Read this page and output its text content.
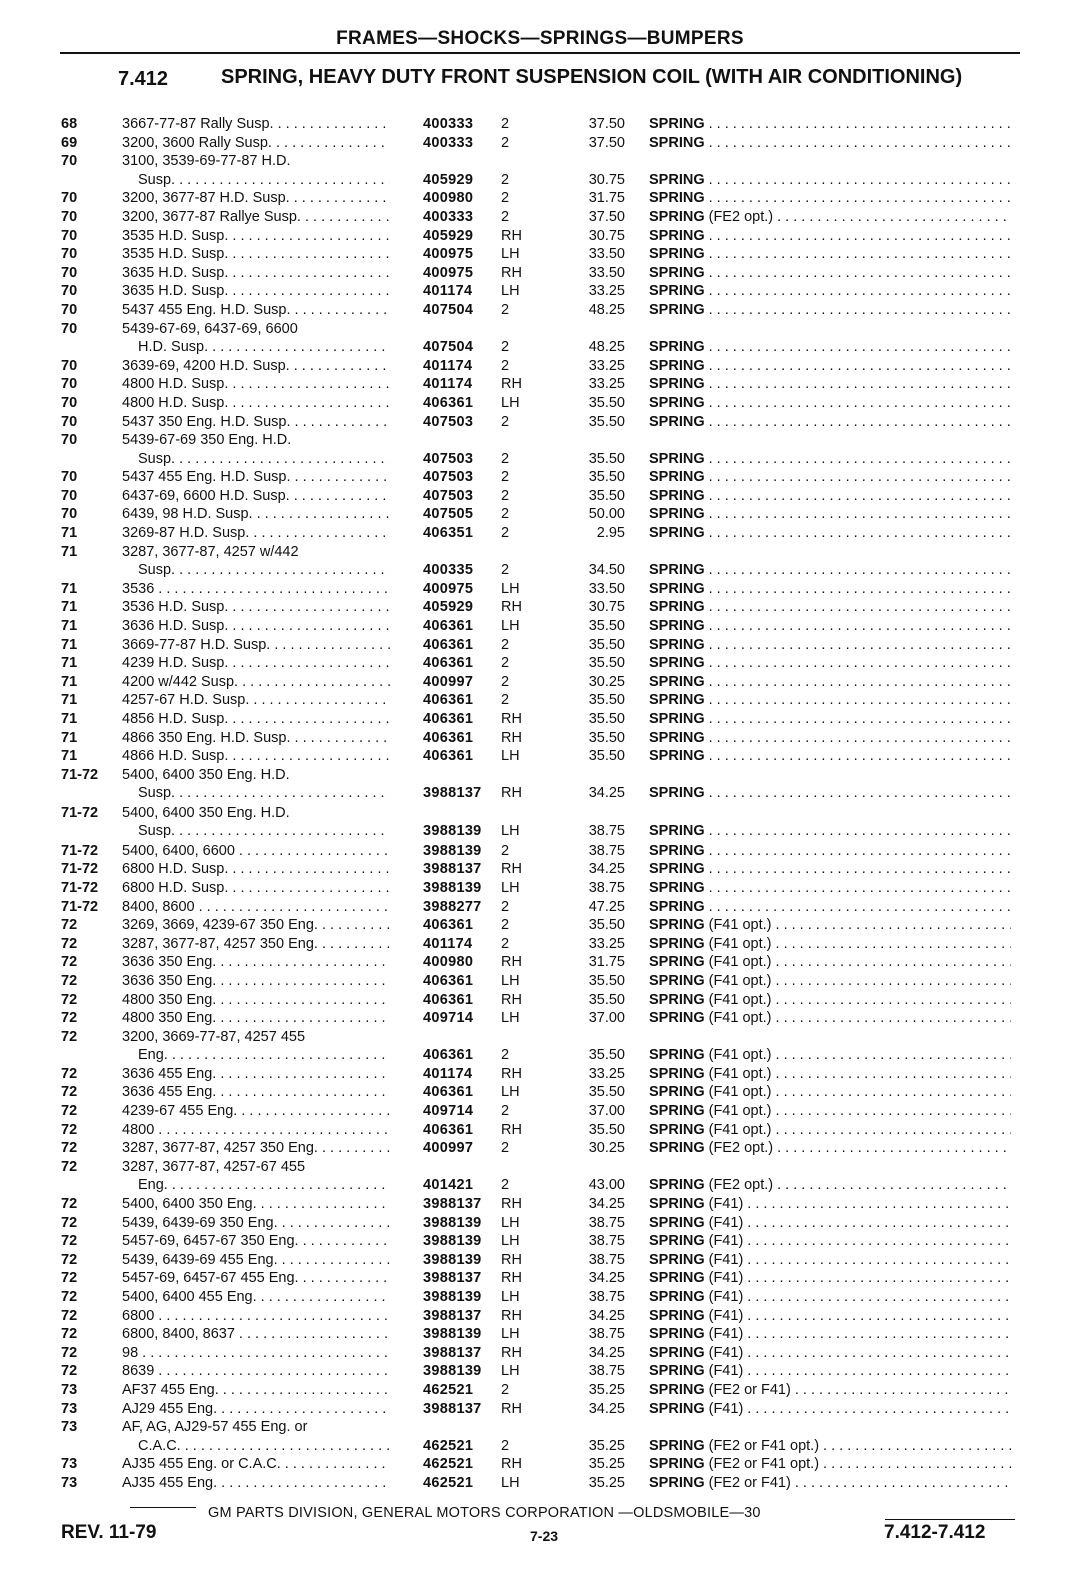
FRAMES—SHOCKS—SPRINGS—BUMPERS
7.412	SPRING, HEAVY DUTY FRONT SUSPENSION COIL (WITH AIR CONDITIONING)
68	3667-77-87 Rally Susp. . . .	400333 2	37.50 SPRING . . .
69	3200, 3600 Rally Susp. . . .	400333 2	37.50 SPRING . . .
70	3100, 3539-69-77-87 H.D.
Susp. . . .	405929 2	30.75 SPRING . . .
70	3200, 3677-87 H.D. Susp. . . .	400980 2	31.75 SPRING . . .
70	3200, 3677-87 Rallye Susp. . . .	400333 2	37.50 SPRING (FE2 opt.) . . .
70	3535 H.D. Susp. . . .	405929 RH	30.75 SPRING . . .
70	3535 H.D. Susp. . . .	400975 LH	33.50 SPRING . . .
70	3635 H.D. Susp. . . .	400975 RH	33.50 SPRING . . .
70	3635 H.D. Susp. . . .	401174 LH	33.25 SPRING . . .
70	5437 455 Eng. H.D. Susp. . . .	407504 2	48.25 SPRING . . .
70	5439-67-69, 6437-69, 6600
H.D. Susp. . . .	407504 2	48.25 SPRING . . .
70	3639-69, 4200 H.D. Susp. . . .	401174 2	33.25 SPRING . . .
70	4800 H.D. Susp. . . .	401174 RH	33.25 SPRING . . .
70	4800 H.D. Susp. . . .	406361 LH	35.50 SPRING . . .
70	5437 350 Eng. H.D. Susp. . . .	407503 2	35.50 SPRING . . .
70	5439-67-69 350 Eng. H.D.
Susp. . . .	407503 2	35.50 SPRING . . .
70	5437 455 Eng. H.D. Susp. . . .	407503 2	35.50 SPRING . . .
70	6437-69, 6600 H.D. Susp. . . .	407503 2	35.50 SPRING . . .
70	6439, 98 H.D. Susp. . . .	407505 2	50.00 SPRING . . .
71	3269-87 H.D. Susp. . . .	406351 2	2.95 SPRING . . .
71	3287, 3677-87, 4257 w/442
Susp. . . .	400335 2	34.50 SPRING . . .
71	3536 . . .	400975 LH	33.50 SPRING . . .
71	3536 H.D. Susp. . . .	405929 RH	30.75 SPRING . . .
71	3636 H.D. Susp. . . .	406361 LH	35.50 SPRING . . .
71	3669-77-87 H.D. Susp. . . .	406361 2	35.50 SPRING . . .
71	4239 H.D. Susp. . . .	406361 2	35.50 SPRING . . .
71	4200 w/442 Susp. . . .	400997 2	30.25 SPRING . . .
71	4257-67 H.D. Susp. . . .	406361 2	35.50 SPRING . . .
71	4856 H.D. Susp. . . .	406361 RH	35.50 SPRING . . .
71	4866 350 Eng. H.D. Susp. . . .	406361 RH	35.50 SPRING . . .
71	4866 H.D. Susp. . . .	406361 LH	35.50 SPRING . . .
71-72 5400, 6400 350 Eng. H.D.
Susp. . . .	3988137 RH	34.25 SPRING . . .
71-72 5400, 6400 350 Eng. H.D.
Susp. . . .	3988139 LH	38.75 SPRING . . .
71-72 5400, 6400, 6600 . . .	3988139 2	38.75 SPRING . . .
71-72 6800 H.D. Susp. . . .	3988137 RH	34.25 SPRING . . .
71-72 6800 H.D. Susp. . . .	3988139 LH	38.75 SPRING . . .
71-72 8400, 8600 . . .	3988277 2	47.25 SPRING . . .
72	3269, 3669, 4239-67 350 Eng. . . .	406361 2	35.50 SPRING (F41 opt.) . . .
72	3287, 3677-87, 4257 350 Eng. . . .	401174 2	33.25 SPRING (F41 opt.) . . .
72	3636 350 Eng. . . .	400980 RH	31.75 SPRING (F41 opt.) . . .
72	3636 350 Eng. . . .	406361 LH	35.50 SPRING (F41 opt.) . . .
72	4800 350 Eng. . . .	406361 RH	35.50 SPRING (F41 opt.) . . .
72	4800 350 Eng. . . .	409714 LH	37.00 SPRING (F41 opt.) . . .
72	3200, 3669-77-87, 4257 455
Eng. . . .	406361 2	35.50 SPRING (F41 opt.) . . .
72	3636 455 Eng. . . .	401174 RH	33.25 SPRING (F41 opt.) . . .
72	3636 455 Eng. . . .	406361 LH	35.50 SPRING (F41 opt.) . . .
72	4239-67 455 Eng. . . .	409714 2	37.00 SPRING (F41 opt.) . . .
72	4800 . . .	406361 RH	35.50 SPRING (F41 opt.) . . .
72	3287, 3677-87, 4257 350 Eng. . . .	400997 2	30.25 SPRING (FE2 opt.) . . .
72	3287, 3677-87, 4257-67 455
Eng. . . .	401421 2	43.00 SPRING (FE2 opt.) . . .
72	5400, 6400 350 Eng. . . .	3988137 RH	34.25 SPRING (F41) . . .
72	5439, 6439-69 350 Eng. . . .	3988139 LH	38.75 SPRING (F41) . . .
72	5457-69, 6457-67 350 Eng. . . .	3988139 LH	38.75 SPRING (F41) . . .
72	5439, 6439-69 455 Eng. . . .	3988139 RH	38.75 SPRING (F41) . . .
72	5457-69, 6457-67 455 Eng. . . .	3988137 RH	34.25 SPRING (F41) . . .
72	5400, 6400 455 Eng. . . .	3988139 LH	38.75 SPRING (F41) . . .
72	6800 . . .	3988137 RH	34.25 SPRING (F41) . . .
72	6800, 8400, 8637 . . .	3988139 LH	38.75 SPRING (F41) . . .
72	98 . . .	3988137 RH	34.25 SPRING (F41) . . .
72	8639 . . .	3988139 LH	38.75 SPRING (F41) . . .
73	AF37 455 Eng. . . .	462521 2	35.25 SPRING (FE2 or F41) . . .
73	AJ29 455 Eng. . . .	3988137 RH	34.25 SPRING (F41) . . .
73	AF, AG, AJ29-57 455 Eng. or
C.A.C. . . .	462521 2	35.25 SPRING (FE2 or F41 opt.) . . .
73	AJ35 455 Eng. or C.A.C. . . .	462521 RH	35.25 SPRING (FE2 or F41 opt.) . . .
73	AJ35 455 Eng. . . .	462521 LH	35.25 SPRING (FE2 or F41) . . .
GM PARTS DIVISION, GENERAL MOTORS CORPORATION —OLDSMOBILE—30
REV. 11-79	7-23	7.412-7.412
